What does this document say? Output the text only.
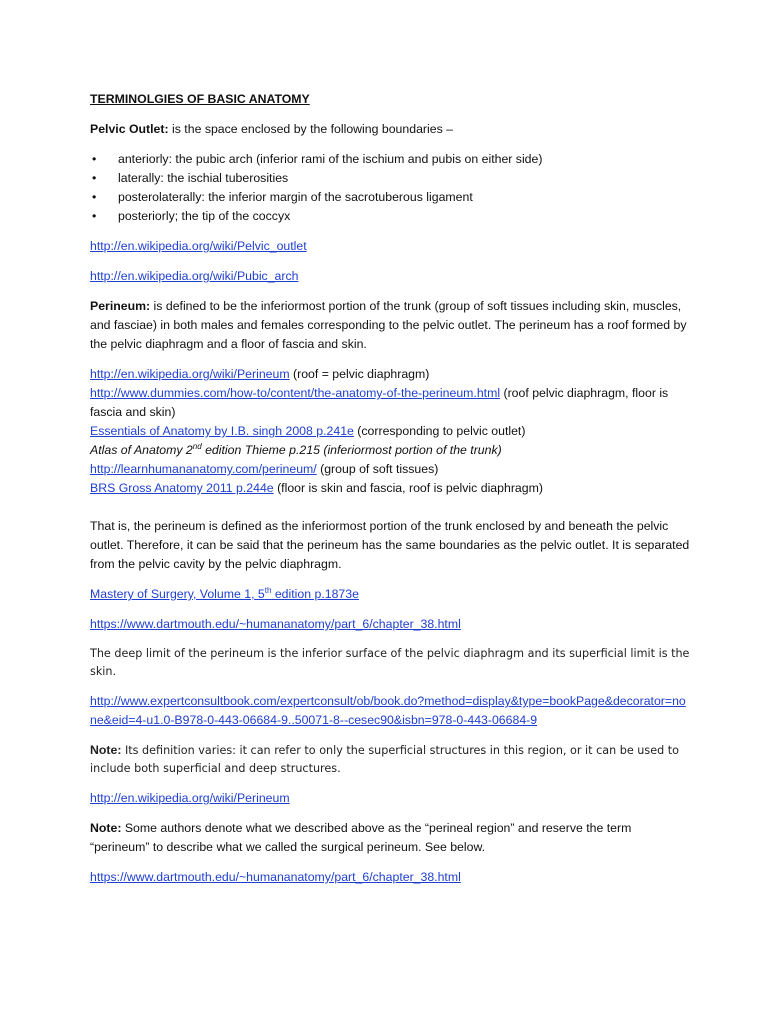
TERMINOLGIES OF BASIC ANATOMY

Pelvic Outlet: is the space enclosed by the following boundaries –

• anteriorly: the pubic arch (inferior rami of the ischium and pubis on either side)
• laterally: the ischial tuberosities
• posterolaterally: the inferior margin of the sacrotuberous ligament
• posteriorly; the tip of the coccyx

http://en.wikipedia.org/wiki/Pelvic_outlet

http://en.wikipedia.org/wiki/Pubic_arch

Perineum: is defined to be the inferiormost portion of the trunk (group of soft tissues including skin, muscles, and fasciae) in both males and females corresponding to the pelvic outlet. The perineum has a roof formed by the pelvic diaphragm and a floor of fascia and skin.

http://en.wikipedia.org/wiki/Perineum (roof = pelvic diaphragm)

http://www.dummies.com/how-to/content/the-anatomy-of-the-perineum.html (roof pelvic diaphragm, floor is fascia and skin)

Essentials of Anatomy by I.B. singh 2008 p.241e (corresponding to pelvic outlet)

Atlas of Anatomy 2nd edition Thieme p.215 (inferiormost portion of the trunk)

http://learnhumananatomy.com/perineum/ (group of soft tissues)

BRS Gross Anatomy 2011 p.244e (floor is skin and fascia, roof is pelvic diaphragm)

That is, the perineum is defined as the inferiormost portion of the trunk enclosed by and beneath the pelvic outlet. Therefore, it can be said that the perineum has the same boundaries as the pelvic outlet. It is separated from the pelvic cavity by the pelvic diaphragm.

Mastery of Surgery, Volume 1, 5th edition p.1873e

https://www.dartmouth.edu/~humananatomy/part_6/chapter_38.html

The deep limit of the perineum is the inferior surface of the pelvic diaphragm and its superficial limit is the skin.

http://www.expertconsultbook.com/expertconsult/ob/book.do?method=display&type=bookPage&decorator=none&eid=4-u1.0-B978-0-443-06684-9..50071-8--cesec90&isbn=978-0-443-06684-9

Note: Its definition varies: it can refer to only the superficial structures in this region, or it can be used to include both superficial and deep structures.

http://en.wikipedia.org/wiki/Perineum

Note: Some authors denote what we described above as the “perineal region” and reserve the term “perineum” to describe what we called the surgical perineum. See below.

https://www.dartmouth.edu/~humananatomy/part_6/chapter_38.html
